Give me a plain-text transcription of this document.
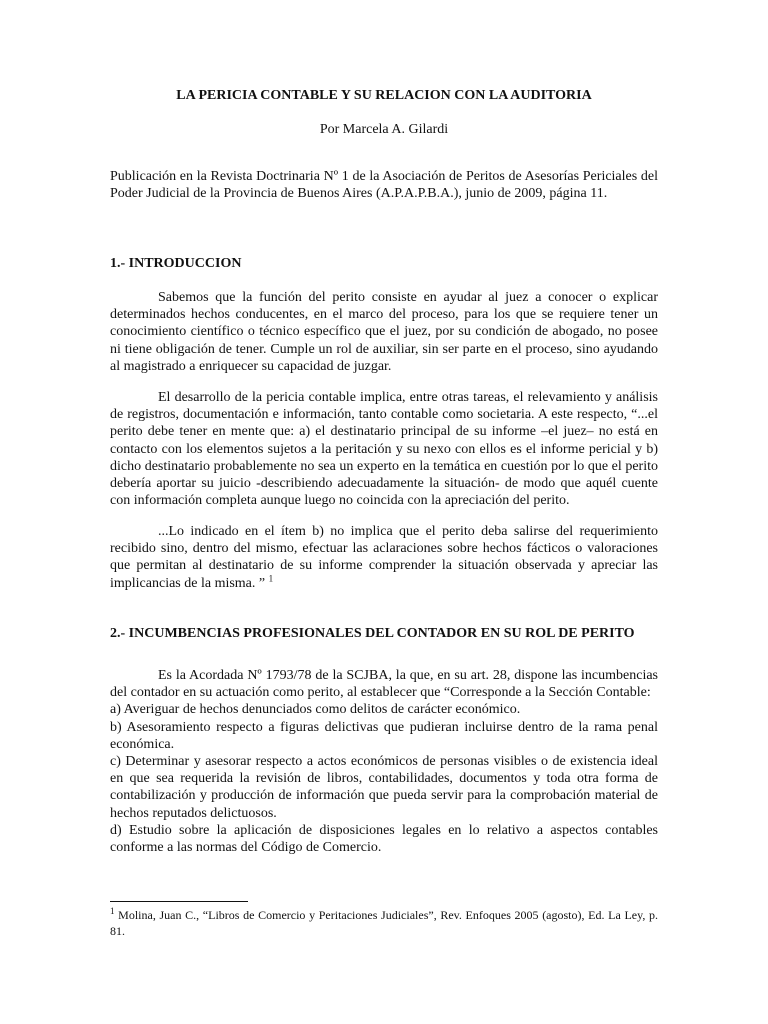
LA PERICIA CONTABLE Y SU RELACION CON LA AUDITORIA

Por Marcela A. Gilardi

Publicación en la Revista Doctrinaria Nº 1 de la Asociación de Peritos de Asesorías Periciales del Poder Judicial de la Provincia de Buenos Aires (A.P.A.P.B.A.), junio de 2009, página 11.

1.- INTRODUCCION

Sabemos que la función del perito consiste en ayudar al juez a conocer o explicar determinados hechos conducentes, en el marco del proceso, para los que se requiere tener un conocimiento científico o técnico específico que el juez, por su condición de abogado, no posee ni tiene obligación de tener. Cumple un rol de auxiliar, sin ser parte en el proceso, sino ayudando al magistrado a enriquecer su capacidad de juzgar.

El desarrollo de la pericia contable implica, entre otras tareas, el relevamiento y análisis de registros, documentación e información, tanto contable como societaria. A este respecto, “...el perito debe tener en mente que: a) el destinatario principal de su informe –el juez– no está en contacto con los elementos sujetos a la peritación y su nexo con ellos es el informe pericial y b) dicho destinatario probablemente no sea un experto en la temática en cuestión por lo que el perito debería aportar su juicio -describiendo adecuadamente la situación- de modo que aquél cuente con información completa aunque luego no coincida con la apreciación del perito.

...Lo indicado en el ítem b) no implica que el perito deba salirse del requerimiento recibido sino, dentro del mismo, efectuar las aclaraciones sobre hechos fácticos o valoraciones que permitan al destinatario de su informe comprender la situación observada y apreciar las implicancias de la misma. ” $^1$

2.- INCUMBENCIAS PROFESIONALES DEL CONTADOR EN SU ROL DE PERITO

Es la Acordada Nº 1793/78 de la SCJBA, la que, en su art. 28, dispone las incumbencias del contador en su actuación como perito, al establecer que “Corresponde a la Sección Contable:
a) Averiguar de hechos denunciados como delitos de carácter económico.
b) Asesoramiento respecto a figuras delictivas que pudieran incluirse dentro de la rama penal económica.
c) Determinar y asesorar respecto a actos económicos de personas visibles o de existencia ideal en que sea requerida la revisión de libros, contabilidades, documentos y toda otra forma de contabilización y producción de información que pueda servir para la comprobación material de hechos reputados delictuosos.
d) Estudio sobre la aplicación de disposiciones legales en lo relativo a aspectos contables conforme a las normas del Código de Comercio.

$^1$ Molina, Juan C., “Libros de Comercio y Peritaciones Judiciales”, Rev. Enfoques 2005 (agosto), Ed. La Ley, p. 81.
